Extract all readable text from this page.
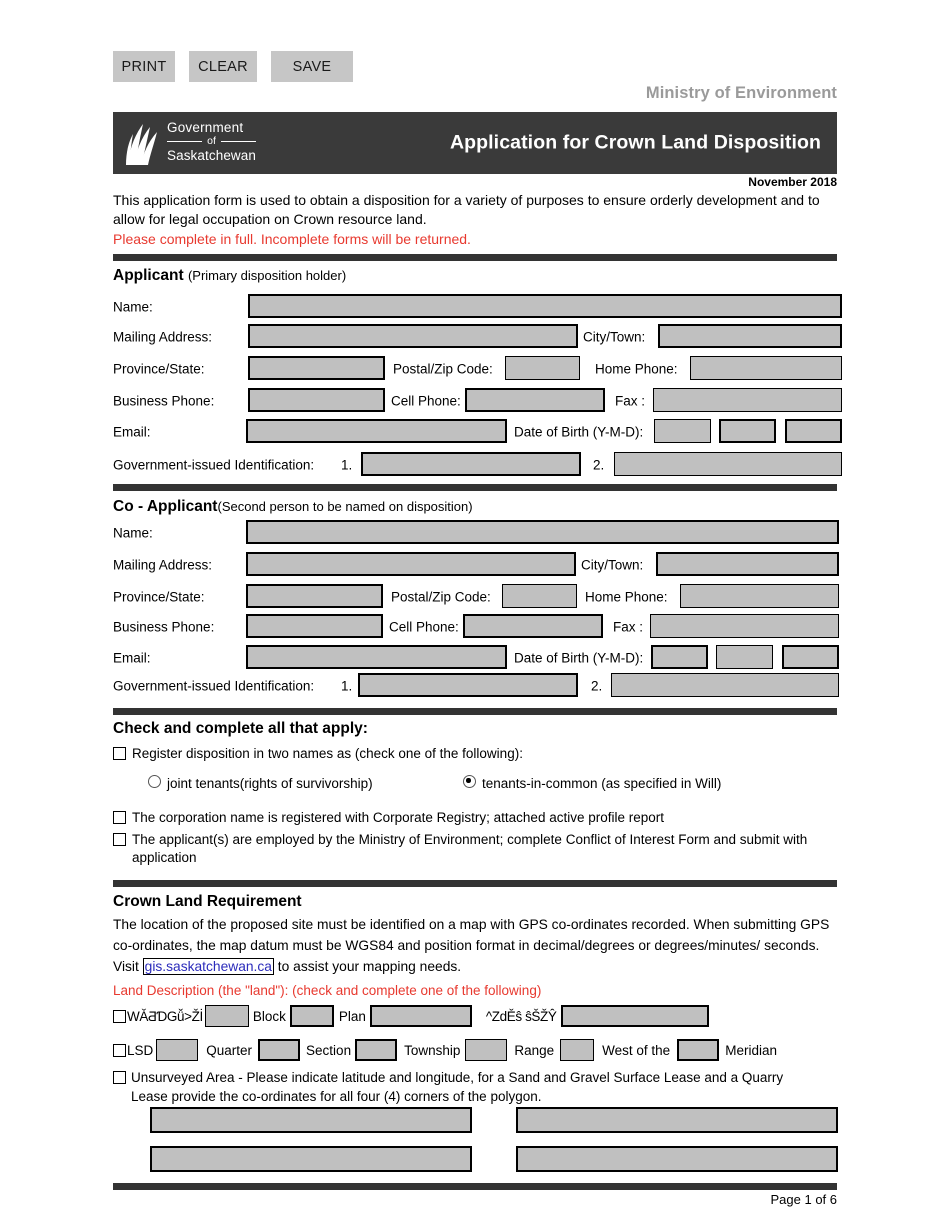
PRINT	CLEAR	SAVE
Ministry of Environment
Government
of
Saskatchewan
Application for Crown Land Disposition
November 2018
This application form is used to obtain a disposition for a variety of purposes to ensure orderly development and to allow for legal occupation on Crown resource land.
Please complete in full. Incomplete forms will be returned.
Applicant (Primary disposition holder)
Name:
Mailing Address:	City/Town:
Province/State:	Postal/Zip Code:	Home Phone:
Business Phone:	Cell Phone:	Fax :
Email:	Date of Birth (Y-M-D):
Government-issued Identification: 1.	2.
Co - Applicant(Second person to be named on disposition)
Name:
Mailing Address:	City/Town:
Province/State:	Postal/Zip Code:	Home Phone:
Business Phone:	Cell Phone:	Fax :
Email:	Date of Birth (Y-M-D):
Government-issued Identification: 1.	2.
Check and complete all that apply:
Register disposition in two names as (check one of the following):
joint tenants(rights of survivorship)	tenants-in-common (as specified in Will)
The corporation name is registered with Corporate Registry; attached active profile report
The applicant(s) are employed by the Ministry of Environment; complete Conflict of Interest Form and submit with application
Crown Land Requirement
The location of the proposed site must be identified on a map with GPS co-ordinates recorded. When submitting GPS co-ordinates, the map datum must be WGS84 and position format in decimal/degrees or degrees/minutes/ seconds. Visit gis.saskatchewan.ca to assist your mapping needs.
Land Description (the "land"): (check and complete one of the following)
WǍƋƊGǚ>Žİ	Block	Plan	^ZdĚŝ ŝŠŽŶ
LSD	Quarter	Section	Township	Range	West of the	Meridian
Unsurveyed Area - Please indicate latitude and longitude, for a Sand and Gravel Surface Lease and a Quarry Lease provide the co-ordinates for all four (4) corners of the polygon.
Page 1 of 6
